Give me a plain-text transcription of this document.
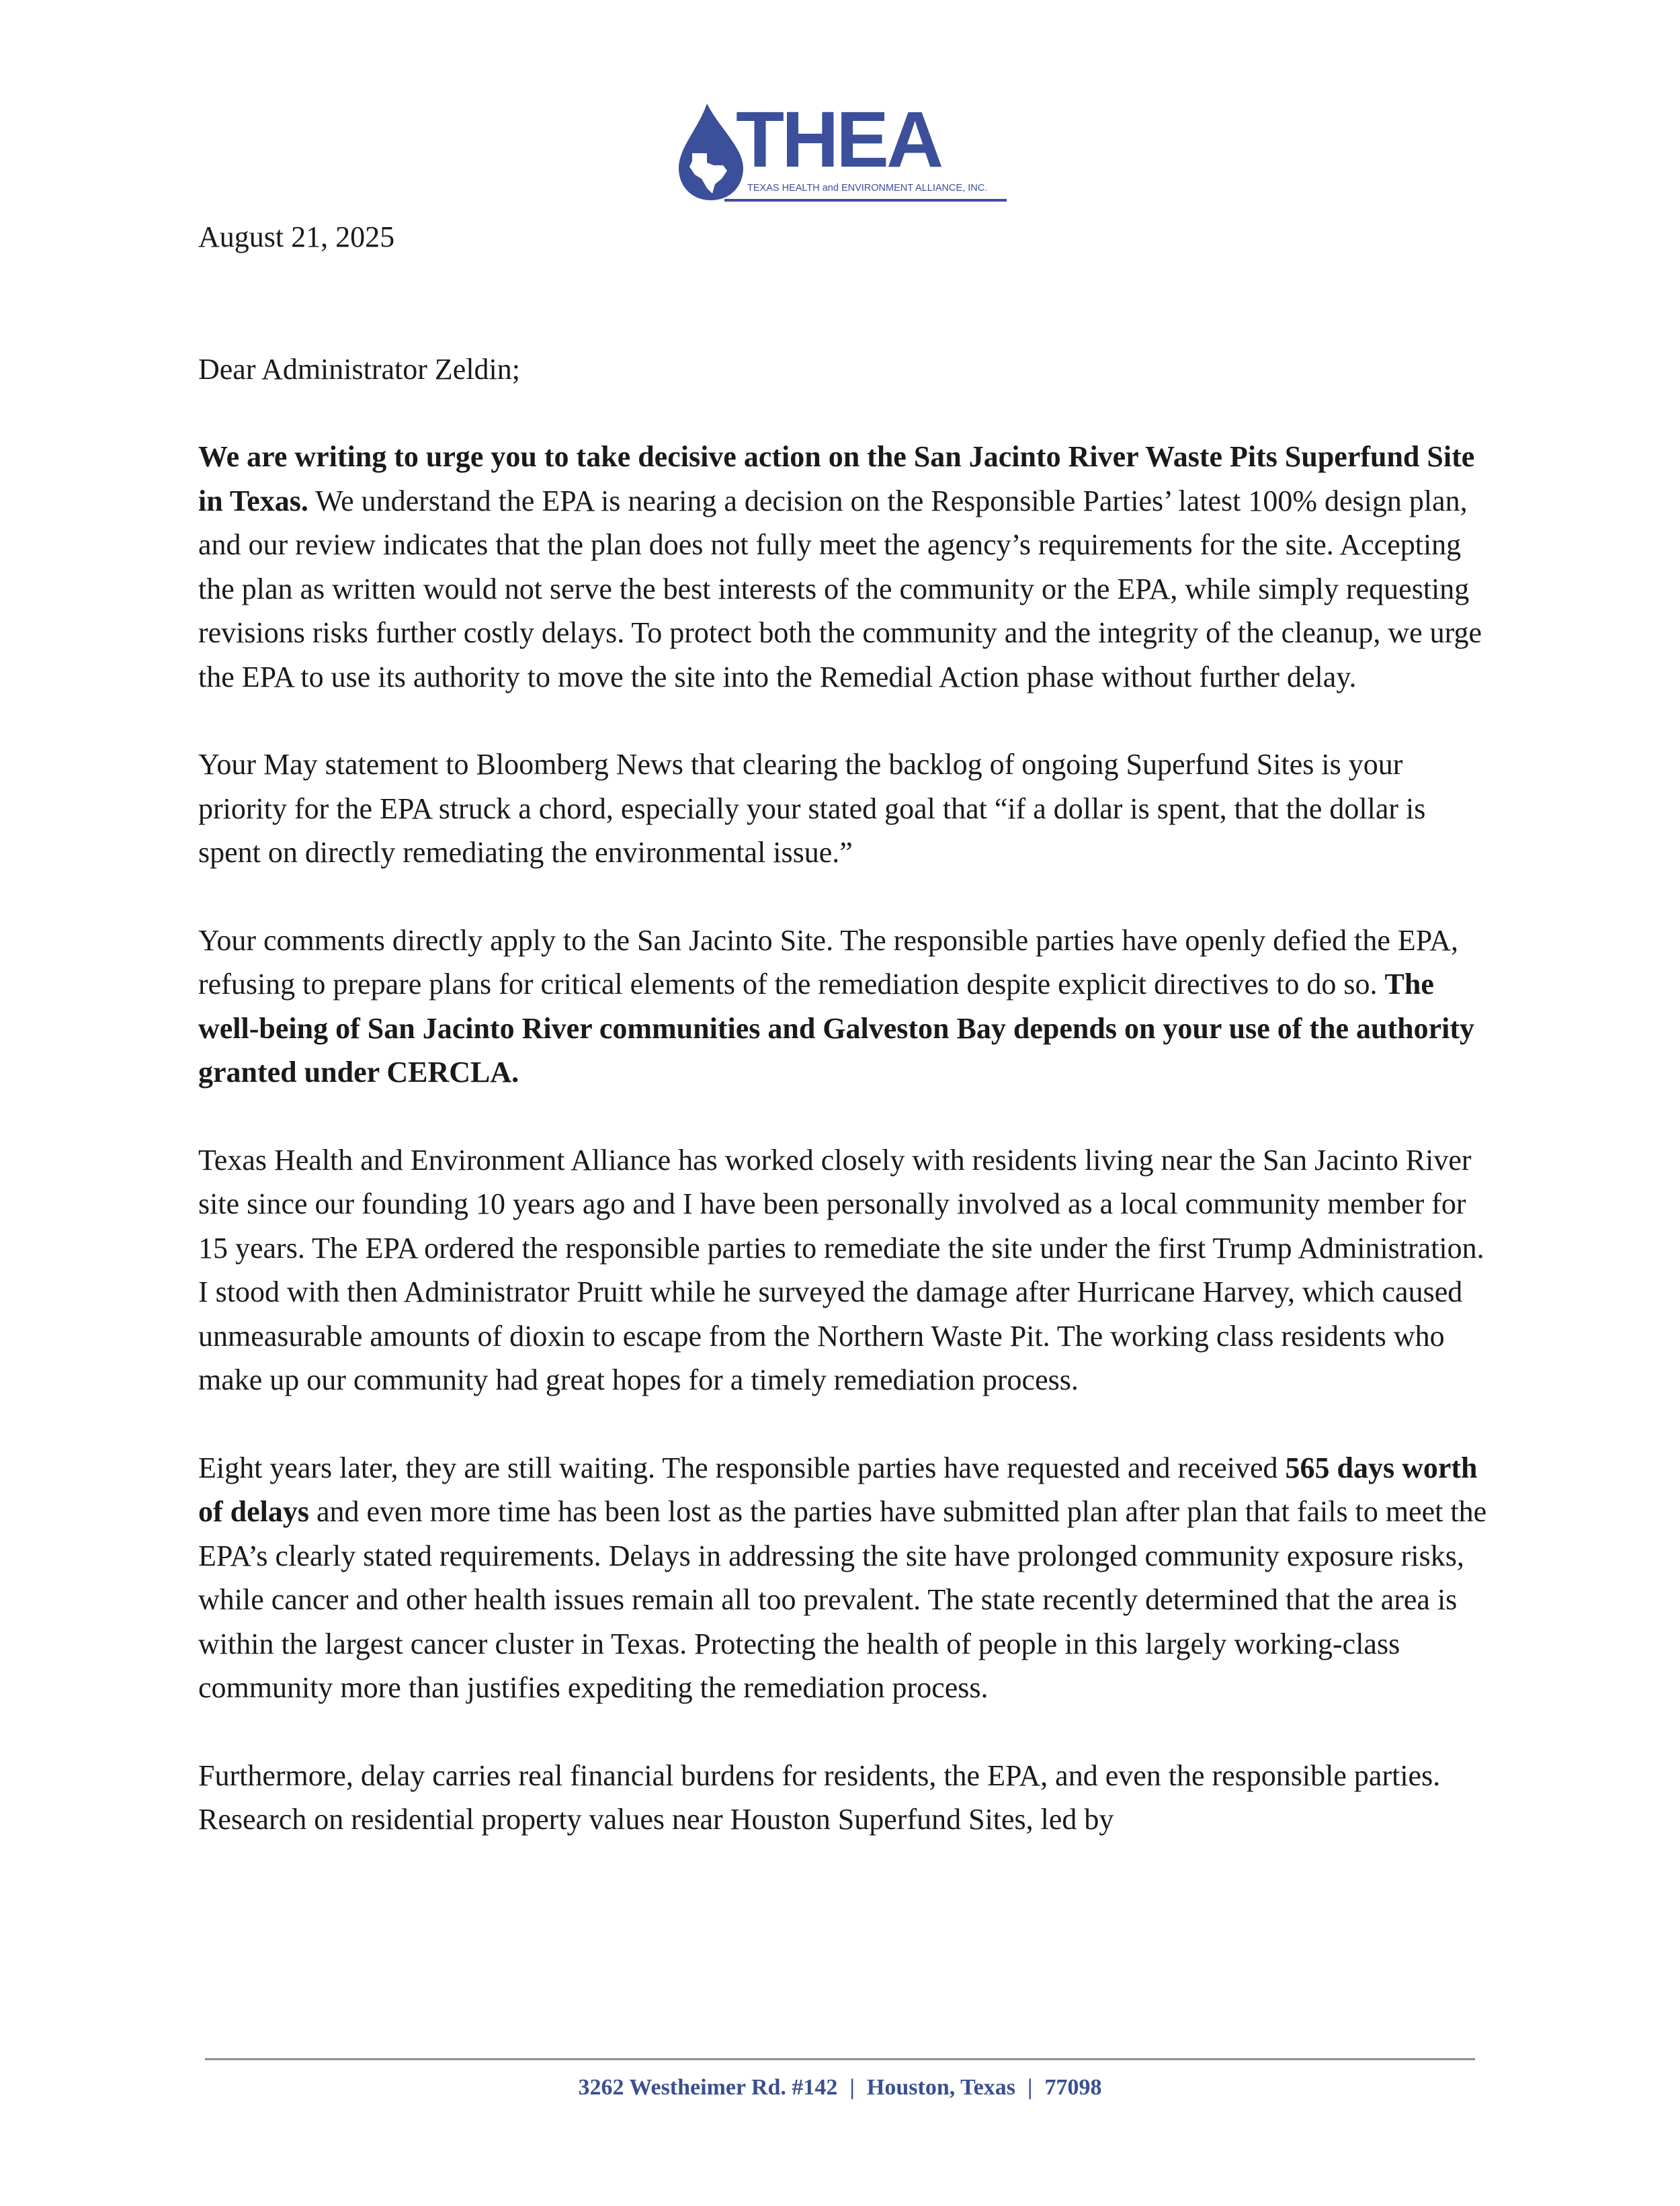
THEA
TEXAS HEALTH and ENVIRONMENT ALLIANCE, INC.

August 21, 2025

Dear Administrator Zeldin;

We are writing to urge you to take decisive action on the San Jacinto River Waste Pits Superfund Site in Texas. We understand the EPA is nearing a decision on the Responsible Parties’ latest 100% design plan, and our review indicates that the plan does not fully meet the agency’s requirements for the site. Accepting the plan as written would not serve the best interests of the community or the EPA, while simply requesting revisions risks further costly delays. To protect both the community and the integrity of the cleanup, we urge the EPA to use its authority to move the site into the Remedial Action phase without further delay.

Your May statement to Bloomberg News that clearing the backlog of ongoing Superfund Sites is your priority for the EPA struck a chord, especially your stated goal that “if a dollar is spent, that the dollar is spent on directly remediating the environmental issue.”

Your comments directly apply to the San Jacinto Site. The responsible parties have openly defied the EPA, refusing to prepare plans for critical elements of the remediation despite explicit directives to do so. The well-being of San Jacinto River communities and Galveston Bay depends on your use of the authority granted under CERCLA.

Texas Health and Environment Alliance has worked closely with residents living near the San Jacinto River site since our founding 10 years ago and I have been personally involved as a local community member for 15 years. The EPA ordered the responsible parties to remediate the site under the first Trump Administration. I stood with then Administrator Pruitt while he surveyed the damage after Hurricane Harvey, which caused unmeasurable amounts of dioxin to escape from the Northern Waste Pit. The working class residents who make up our community had great hopes for a timely remediation process.

Eight years later, they are still waiting. The responsible parties have requested and received 565 days worth of delays and even more time has been lost as the parties have submitted plan after plan that fails to meet the EPA’s clearly stated requirements. Delays in addressing the site have prolonged community exposure risks, while cancer and other health issues remain all too prevalent. The state recently determined that the area is within the largest cancer cluster in Texas. Protecting the health of people in this largely working-class community more than justifies expediting the remediation process.

Furthermore, delay carries real financial burdens for residents, the EPA, and even the responsible parties. Research on residential property values near Houston Superfund Sites, led by

3262 Westheimer Rd. #142 | Houston, Texas | 77098
